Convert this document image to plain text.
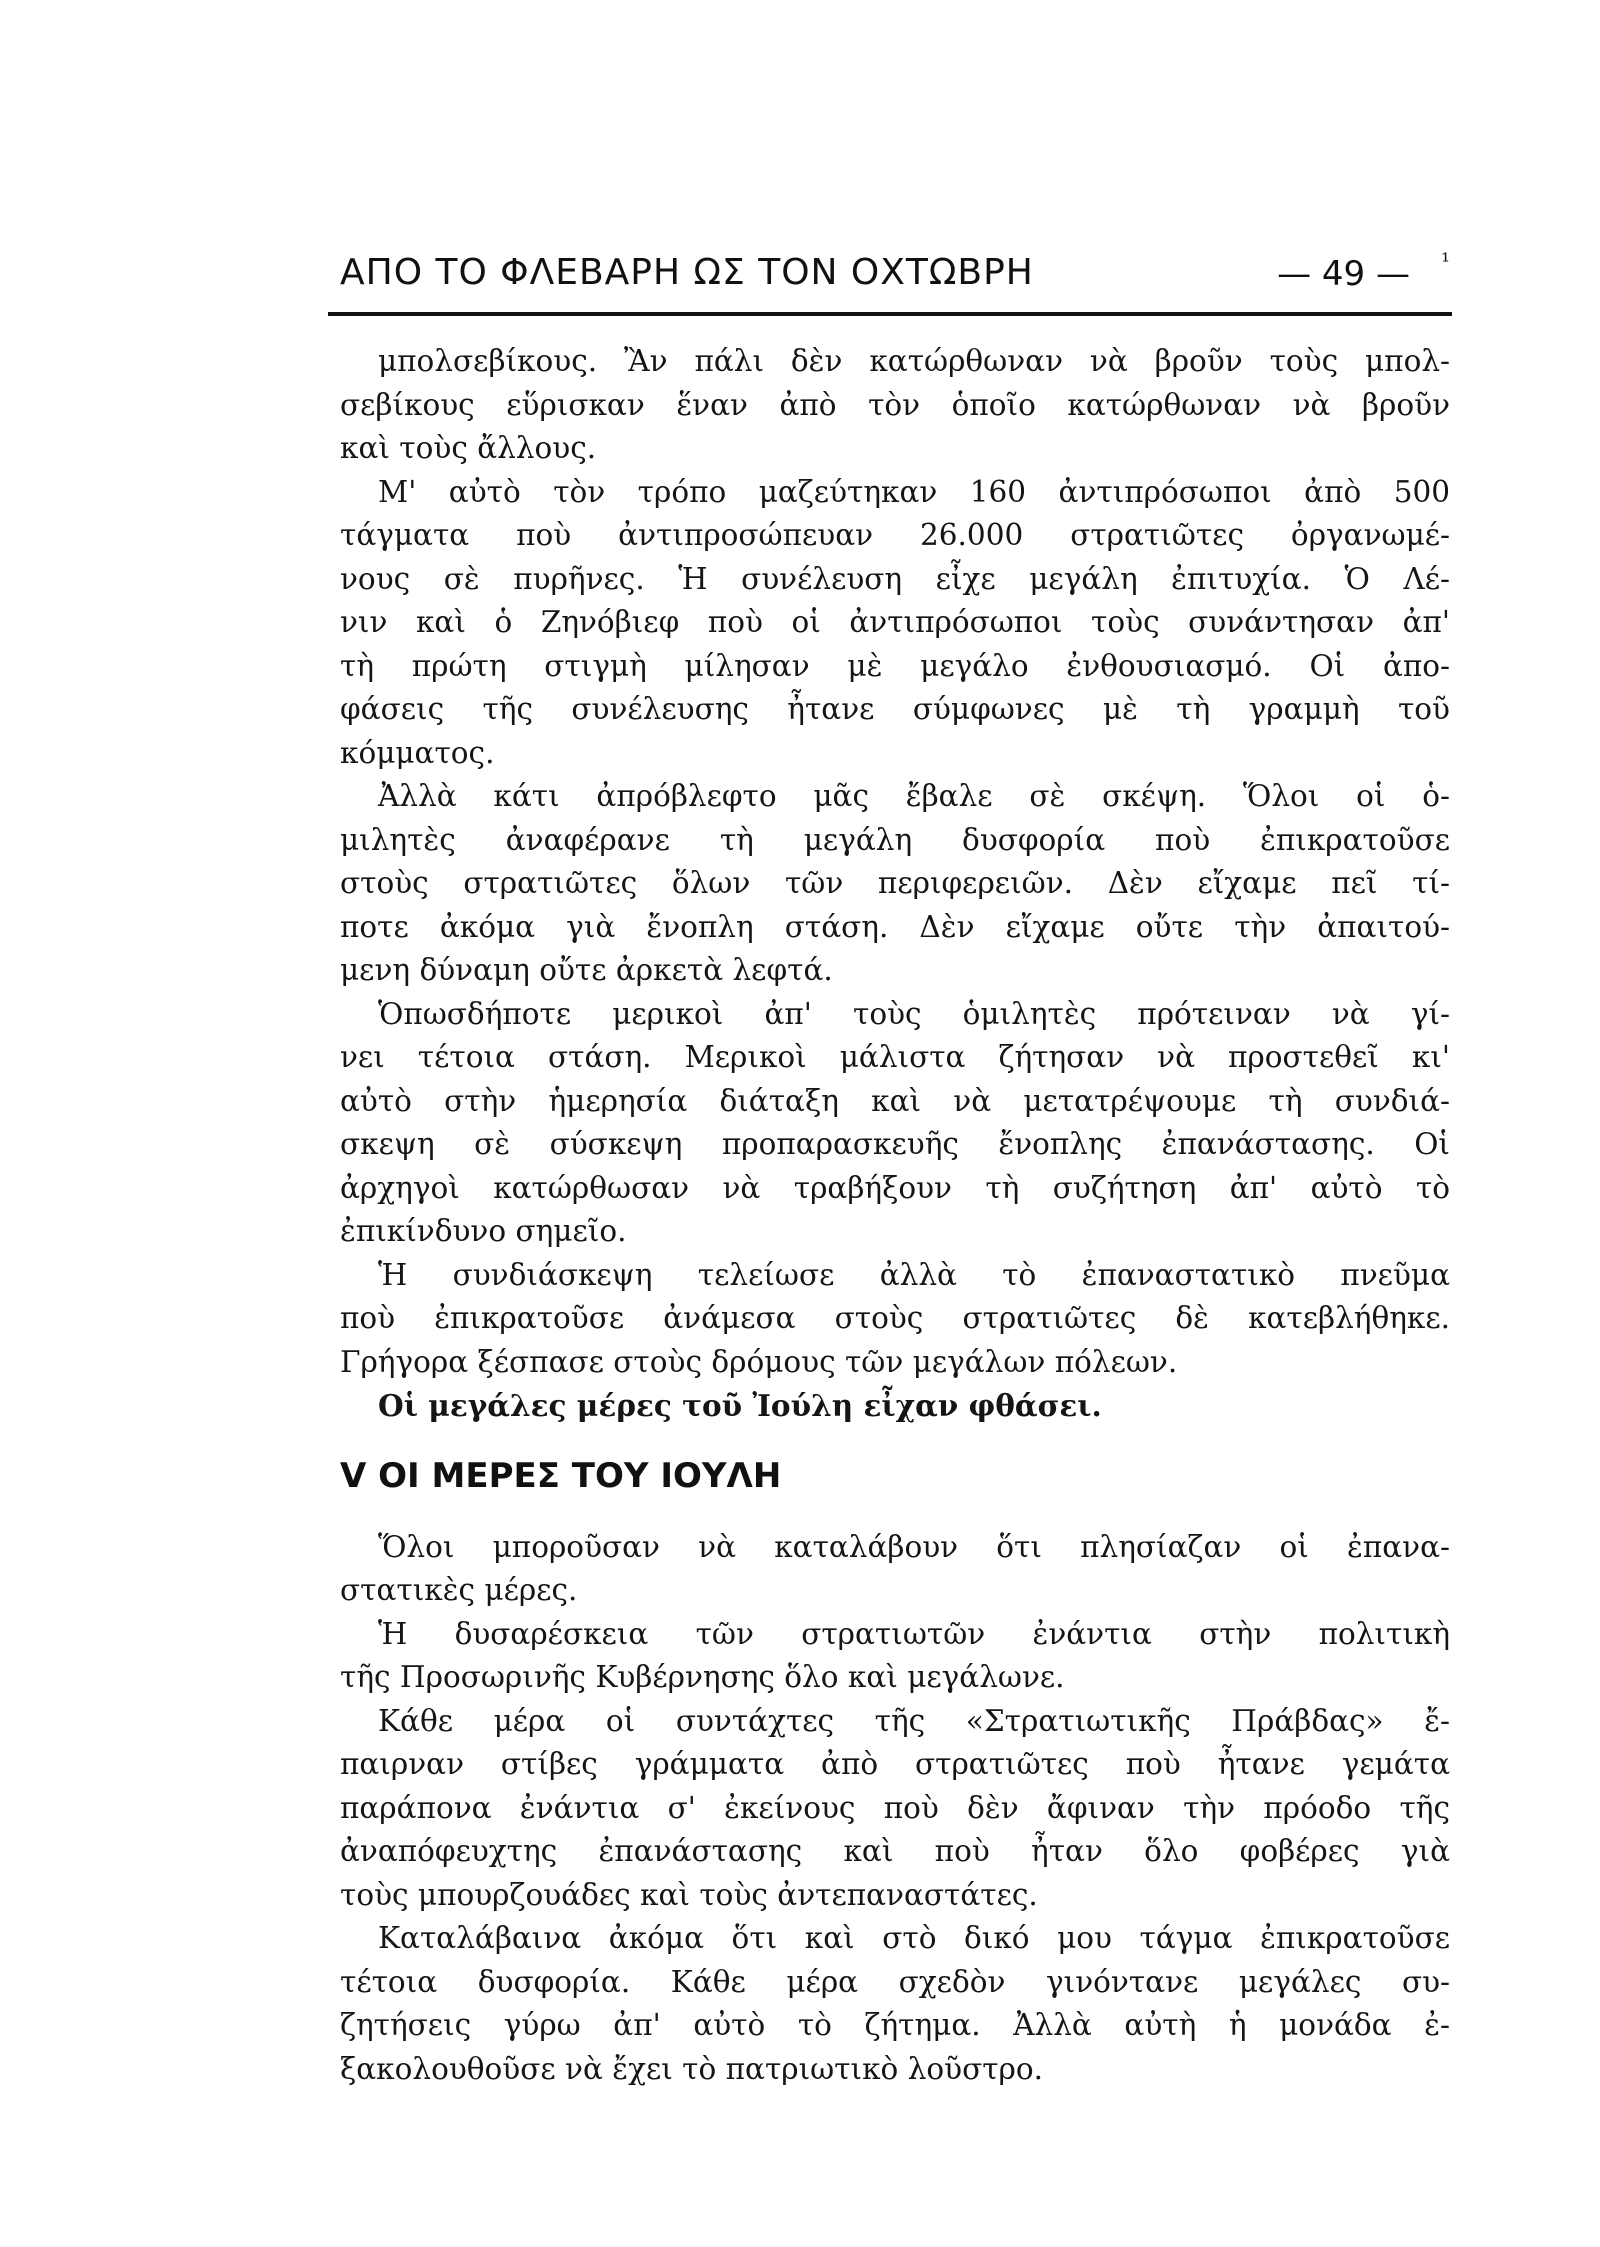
ΑΠΟ ΤΟ ΦΛΕΒΑΡΗ ΩΣ ΤΟΝ ΟΧΤΩΒΡΗ	— 49 — ¹
μπολσεβίκους. Ἂν πάλι δὲν κατώρθωναν νὰ βροῦν τοὺς μπολ-
σεβίκους εὕρισκαν ἕναν ἀπὸ τὸν ὁποῖο κατώρθωναν νὰ βροῦν
καὶ τοὺς ἄλλους.
Μ' αὐτὸ τὸν τρόπο μαζεύτηκαν 160 ἀντιπρόσωποι ἀπὸ 500
τάγματα ποὺ ἀντιπροσώπευαν 26.000 στρατιῶτες ὀργανωμέ-
νους σὲ πυρῆνες. Ἡ συνέλευση εἶχε μεγάλη ἐπιτυχία. Ὁ Λέ-
νιν καὶ ὁ Ζηνόβιεφ ποὺ οἱ ἀντιπρόσωποι τοὺς συνάντησαν ἀπ'
τὴ πρώτη στιγμὴ μίλησαν μὲ μεγάλο ἐνθουσιασμό. Οἱ ἀπο-
φάσεις τῆς συνέλευσης ἦτανε σύμφωνες μὲ τὴ γραμμὴ τοῦ
κόμματος.
Ἀλλὰ κάτι ἀπρόβλεφτο μᾶς ἔβαλε σὲ σκέψη. Ὅλοι οἱ ὁ-
μιλητὲς ἀναφέρανε τὴ μεγάλη δυσφορία ποὺ ἐπικρατοῦσε
στοὺς στρατιῶτες ὅλων τῶν περιφερειῶν. Δὲν εἴχαμε πεῖ τί-
ποτε ἀκόμα γιὰ ἔνοπλη στάση. Δὲν εἴχαμε οὔτε τὴν ἀπαιτού-
μενη δύναμη οὔτε ἀρκετὰ λεφτά.
Ὁπωσδήποτε μερικοὶ ἀπ' τοὺς ὁμιλητὲς πρότειναν νὰ γί-
νει τέτοια στάση. Μερικοὶ μάλιστα ζήτησαν νὰ προστεθεῖ κι'
αὐτὸ στὴν ἡμερησία διάταξη καὶ νὰ μετατρέψουμε τὴ συνδιά-
σκεψη σὲ σύσκεψη προπαρασκευῆς ἔνοπλης ἐπανάστασης. Οἱ
ἀρχηγοὶ κατώρθωσαν νὰ τραβήξουν τὴ συζήτηση ἀπ' αὐτὸ τὸ
ἐπικίνδυνο σημεῖο.
Ἡ συνδιάσκεψη τελείωσε ἀλλὰ τὸ ἐπαναστατικὸ πνεῦμα
ποὺ ἐπικρατοῦσε ἀνάμεσα στοὺς στρατιῶτες δὲ κατεβλήθηκε.
Γρήγορα ξέσπασε στοὺς δρόμους τῶν μεγάλων πόλεων.
Οἱ μεγάλες μέρες τοῦ Ἰούλη εἶχαν φθάσει.
V ΟΙ ΜΕΡΕΣ ΤΟΥ ΙΟΥΛΗ
Ὅλοι μποροῦσαν νὰ καταλάβουν ὅτι πλησίαζαν οἱ ἐπανα-
στατικὲς μέρες.
Ἡ δυσαρέσκεια τῶν στρατιωτῶν ἐνάντια στὴν πολιτικὴ
τῆς Προσωρινῆς Κυβέρνησης ὅλο καὶ μεγάλωνε.
Κάθε μέρα οἱ συντάχτες τῆς «Στρατιωτικῆς Πράβδας» ἔ-
παιρναν στίβες γράμματα ἀπὸ στρατιῶτες ποὺ ἦτανε γεμάτα
παράπονα ἐνάντια σ' ἐκείνους ποὺ δὲν ἄφιναν τὴν πρόοδο τῆς
ἀναπόφευχτης ἐπανάστασης καὶ ποὺ ἦταν ὅλο φοβέρες γιὰ
τοὺς μπουρζουάδες καὶ τοὺς ἀντεπαναστάτες.
Καταλάβαινα ἀκόμα ὅτι καὶ στὸ δικό μου τάγμα ἐπικρατοῦσε
τέτοια δυσφορία. Κάθε μέρα σχεδὸν γινόντανε μεγάλες συ-
ζητήσεις γύρω ἀπ' αὐτὸ τὸ ζήτημα. Ἀλλὰ αὐτὴ ἡ μονάδα ἐ-
ξακολουθοῦσε νὰ ἔχει τὸ πατριωτικὸ λοῦστρο.
